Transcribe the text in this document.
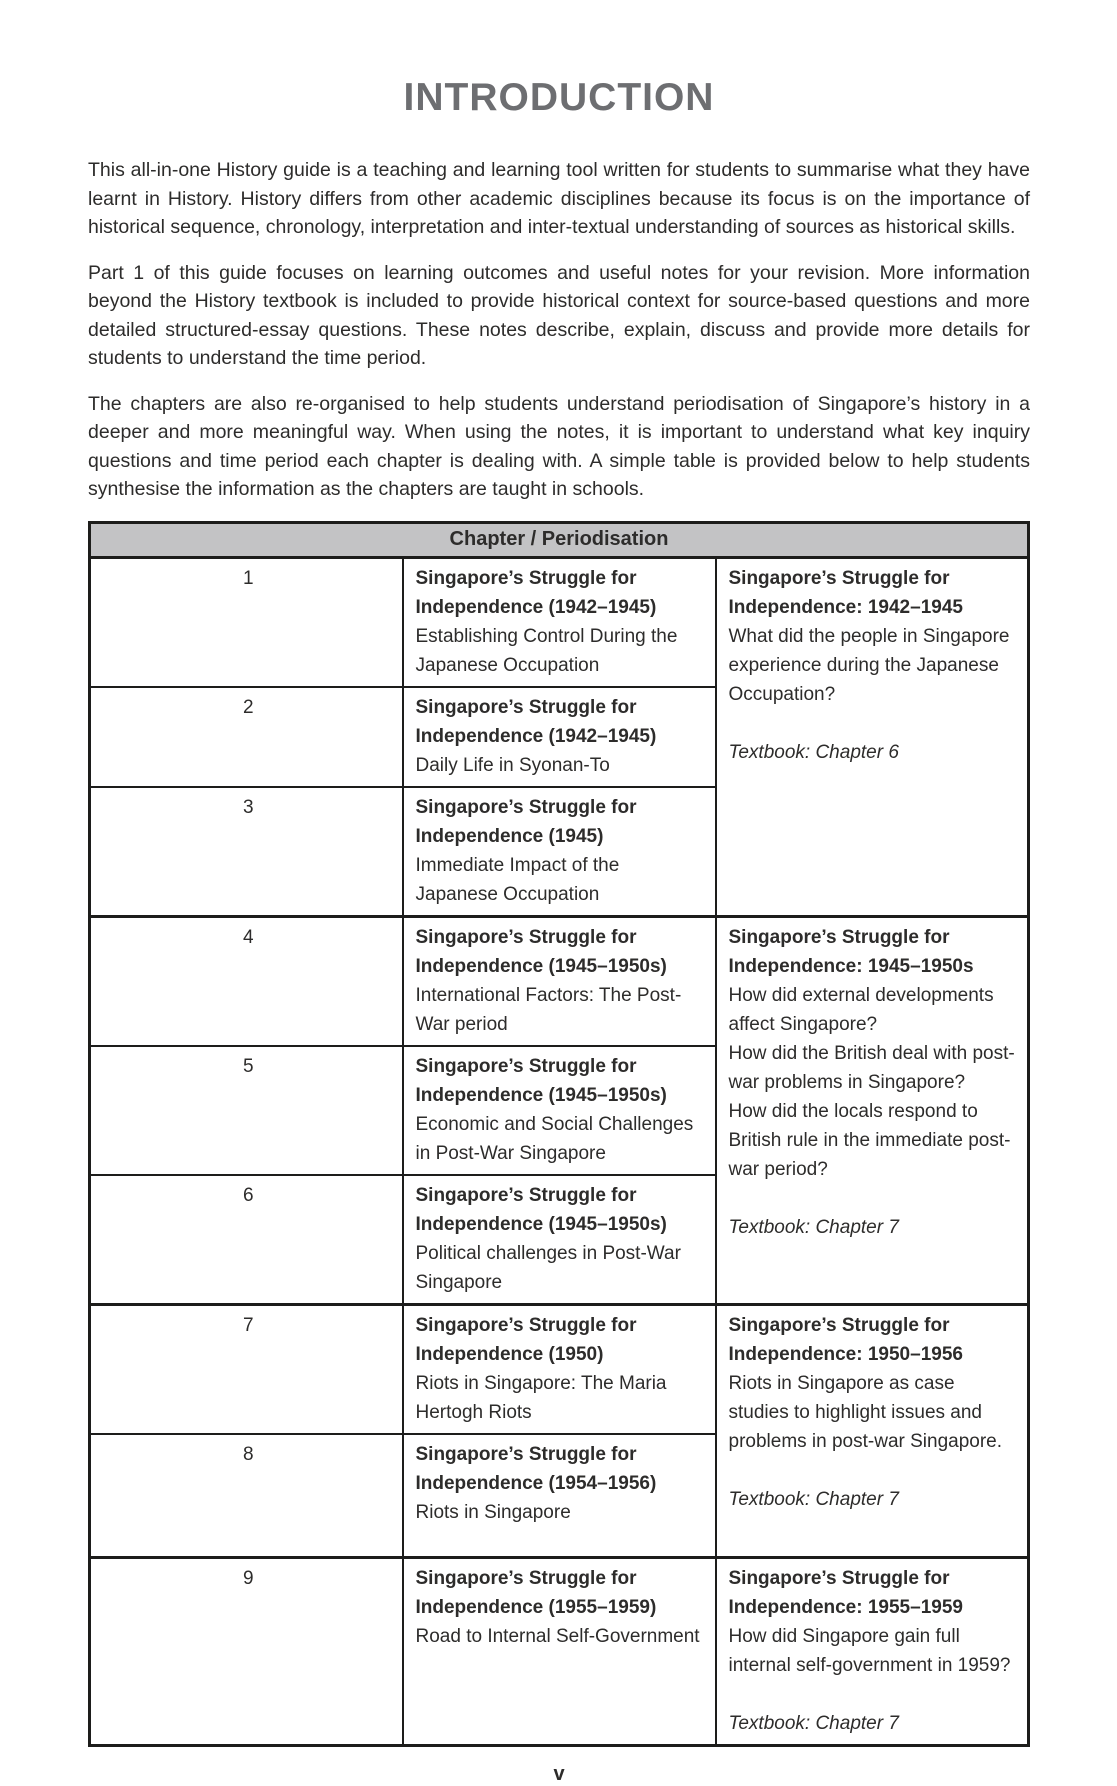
INTRODUCTION

This all-in-one History guide is a teaching and learning tool written for students to summarise what they have learnt in History. History differs from other academic disciplines because its focus is on the importance of historical sequence, chronology, interpretation and inter-textual understanding of sources as historical skills.

Part 1 of this guide focuses on learning outcomes and useful notes for your revision. More information beyond the History textbook is included to provide historical context for source-based questions and more detailed structured-essay questions. These notes describe, explain, discuss and provide more details for students to understand the time period.

The chapters are also re-organised to help students understand periodisation of Singapore’s history in a deeper and more meaningful way. When using the notes, it is important to understand what key inquiry questions and time period each chapter is dealing with. A simple table is provided below to help students synthesise the information as the chapters are taught in schools.

Chapter / Periodisation		
1	Singapore’s Struggle for Independence (1942–1945)
Establishing Control During the Japanese Occupation

Singapore’s Struggle for Independence: 1942–1945
What did the people in Singapore experience during the Japanese Occupation?
Textbook: Chapter 6

2	Singapore’s Struggle for Independence (1942–1945)
Daily Life in Syonan-To	

3	Singapore’s Struggle for Independence (1945)
Immediate Impact of the Japanese Occupation	

4	Singapore’s Struggle for Independence (1945–1950s)
International Factors: The Post-War period

Singapore’s Struggle for Independence: 1945–1950s
How did external developments affect Singapore?
How did the British deal with post-war problems in Singapore?
How did the locals respond to British rule in the immediate post-war period?
Textbook: Chapter 7

5	Singapore’s Struggle for Independence (1945–1950s)
Economic and Social Challenges in Post-War Singapore	

6	Singapore’s Struggle for Independence (1945–1950s)
Political challenges in Post-War Singapore	

7	Singapore’s Struggle for Independence (1950)
Riots in Singapore: The Maria Hertogh Riots

Singapore’s Struggle for Independence: 1950–1956
Riots in Singapore as case studies to highlight issues and problems in post-war Singapore.
Textbook: Chapter 7

8	Singapore’s Struggle for Independence (1954–1956)
Riots in Singapore	

9	Singapore’s Struggle for Independence (1955–1959)
Road to Internal Self-Government

Singapore’s Struggle for Independence: 1955–1959
How did Singapore gain full internal self-government in 1959?
Textbook: Chapter 7
v
